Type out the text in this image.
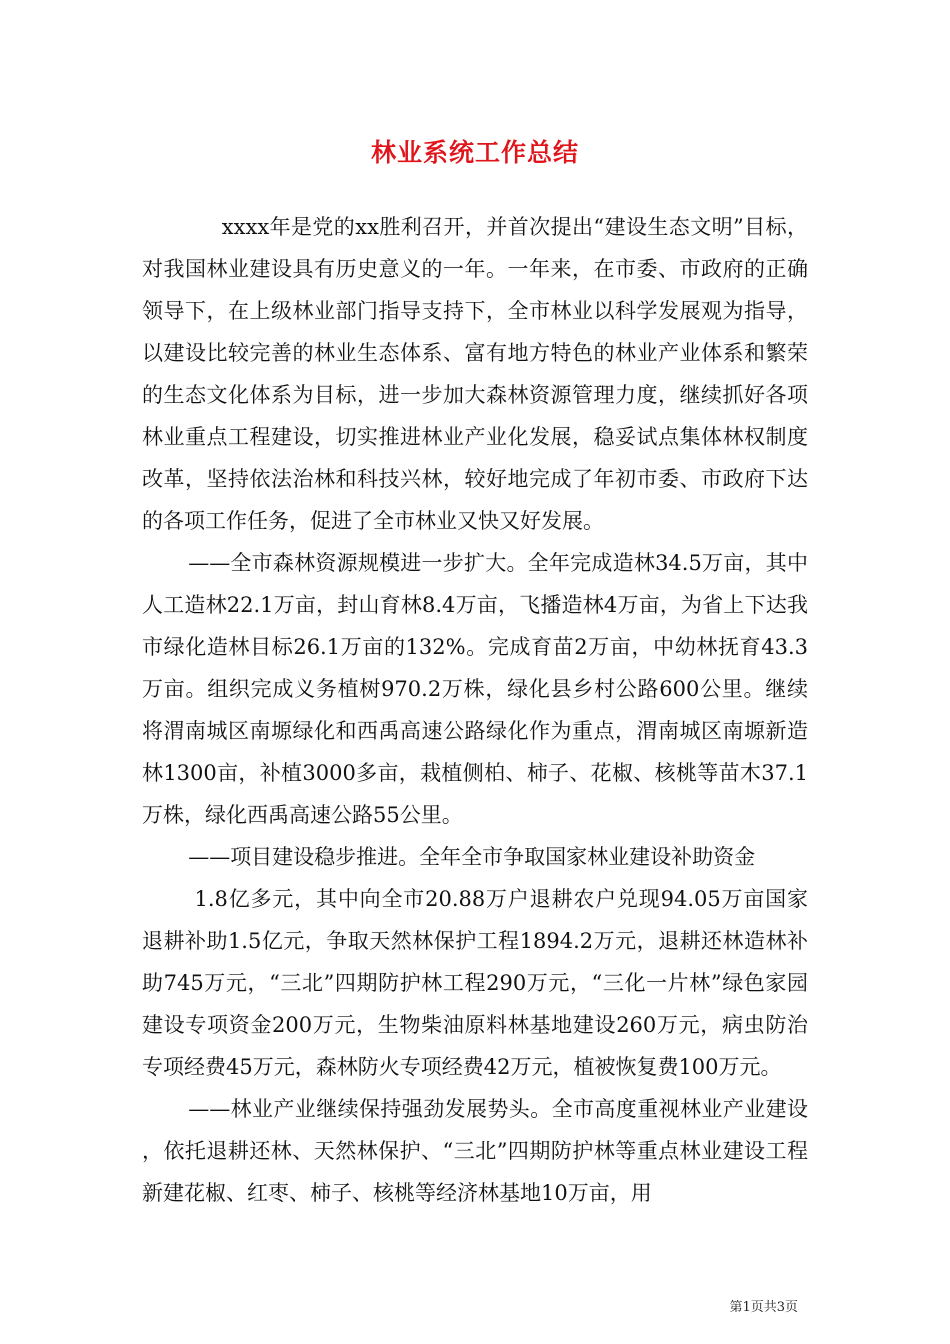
林业系统工作总结

xxxx年是党的xx胜利召开，并首次提出“建设生态文明”目标，对我国林业建设具有历史意义的一年。一年来，在市委、市政府的正确领导下，在上级林业部门指导支持下，全市林业以科学发展观为指导，以建设比较完善的林业生态体系、富有地方特色的林业产业体系和繁荣的生态文化体系为目标，进一步加大森林资源管理力度，继续抓好各项林业重点工程建设，切实推进林业产业化发展，稳妥试点集体林权制度改革，坚持依法治林和科技兴林，较好地完成了年初市委、市政府下达的各项工作任务，促进了全市林业又快又好发展。

——全市森林资源规模进一步扩大。全年完成造林34.5万亩，其中人工造林22.1万亩，封山育林8.4万亩，飞播造林4万亩，为省上下达我市绿化造林目标26.1万亩的132%。完成育苗2万亩，中幼林抚育43.3万亩。组织完成义务植树970.2万株，绿化县乡村公路600公里。继续将渭南城区南塬绿化和西禹高速公路绿化作为重点，渭南城区南塬新造林1300亩，补植3000多亩，栽植侧柏、柿子、花椒、核桃等苗木37.1万株，绿化西禹高速公路55公里。

——项目建设稳步推进。全年全市争取国家林业建设补助资金
1.8亿多元，其中向全市20.88万户退耕农户兑现94.05万亩国家退耕补助1.5亿元，争取天然林保护工程1894.2万元，退耕还林造林补助745万元，“三北”四期防护林工程290万元，“三化一片林”绿色家园建设专项资金200万元，生物柴油原料林基地建设260万元，病虫防治专项经费45万元，森林防火专项经费42万元，植被恢复费100万元。

——林业产业继续保持强劲发展势头。全市高度重视林业产业建设，依托退耕还林、天然林保护、“三北”四期防护林等重点林业建设工程新建花椒、红枣、柿子、核桃等经济林基地10万亩，用

第1页共3页
